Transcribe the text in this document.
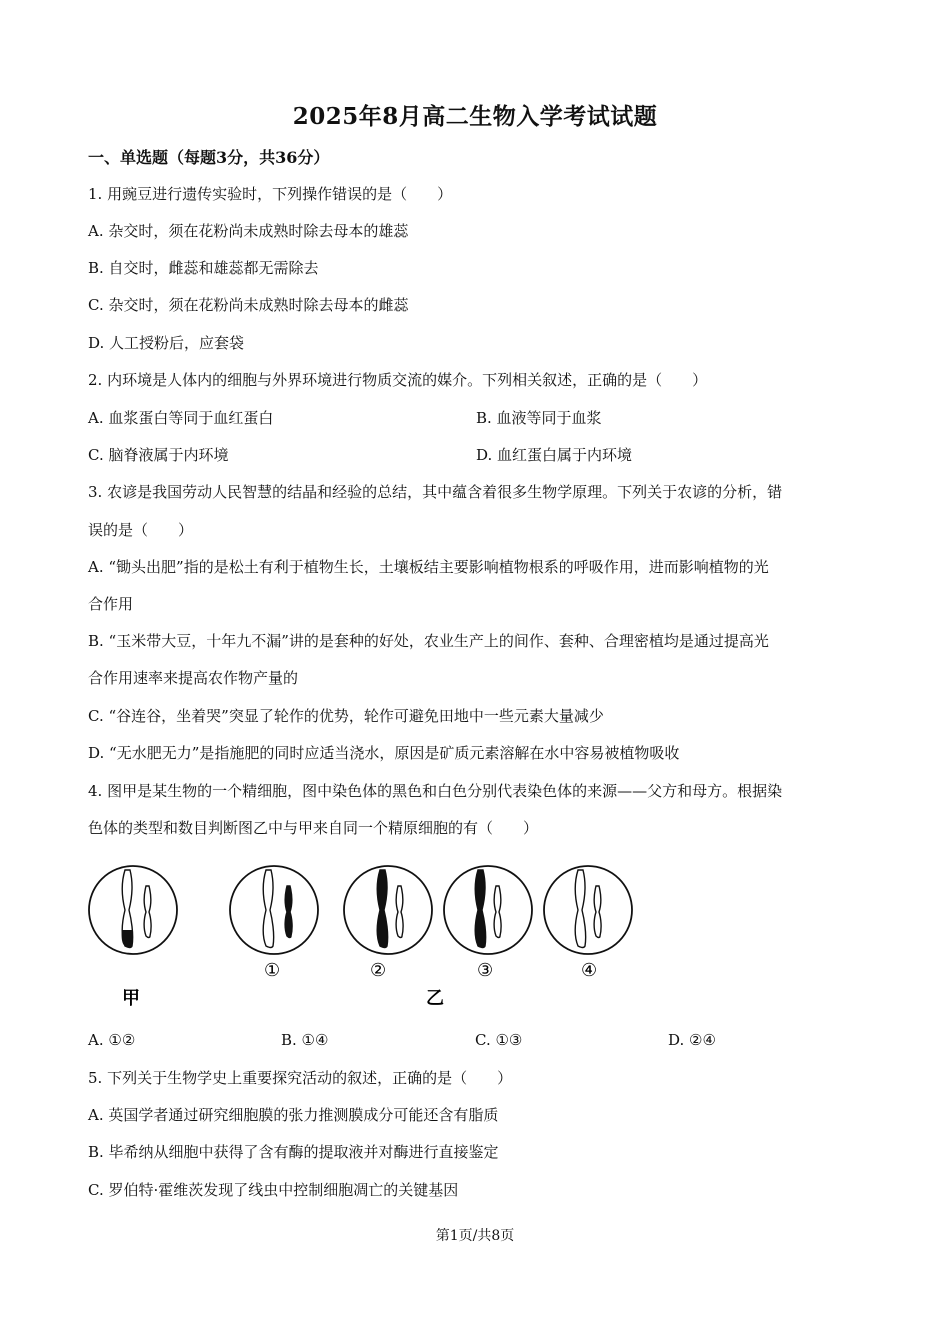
2025年8月高二生物入学考试试题
一、单选题（每题3分，共36分）
1. 用豌豆进行遗传实验时，下列操作错误的是（　　）
A. 杂交时，须在花粉尚未成熟时除去母本的雄蕊
B. 自交时，雌蕊和雄蕊都无需除去
C. 杂交时，须在花粉尚未成熟时除去母本的雌蕊
D. 人工授粉后，应套袋
2. 内环境是人体内的细胞与外界环境进行物质交流的媒介。下列相关叙述，正确的是（　　）
A. 血浆蛋白等同于血红蛋白	B. 血液等同于血浆
C. 脑脊液属于内环境	D. 血红蛋白属于内环境
3. 农谚是我国劳动人民智慧的结晶和经验的总结，其中蕴含着很多生物学原理。下列关于农谚的分析，错
误的是（　　）
A. “锄头出肥”指的是松土有利于植物生长，土壤板结主要影响植物根系的呼吸作用，进而影响植物的光
合作用
B. “玉米带大豆，十年九不漏”讲的是套种的好处，农业生产上的间作、套种、合理密植均是通过提高光
合作用速率来提高农作物产量的
C. “谷连谷，坐着哭”突显了轮作的优势，轮作可避免田地中一些元素大量减少
D. “无水肥无力”是指施肥的同时应适当浇水，原因是矿质元素溶解在水中容易被植物吸收
4. 图甲是某生物的一个精细胞，图中染色体的黑色和白色分别代表染色体的来源——父方和母方。根据染
色体的类型和数目判断图乙中与甲来自同一个精原细胞的有（　　）
甲
①	②	③	④
乙
A. ①②	B. ①④	C. ①③	D. ②④
5. 下列关于生物学史上重要探究活动的叙述，正确的是（　　）
A. 英国学者通过研究细胞膜的张力推测膜成分可能还含有脂质
B. 毕希纳从细胞中获得了含有酶的提取液并对酶进行直接鉴定
C. 罗伯特·霍维茨发现了线虫中控制细胞凋亡的关键基因
第1页/共8页
